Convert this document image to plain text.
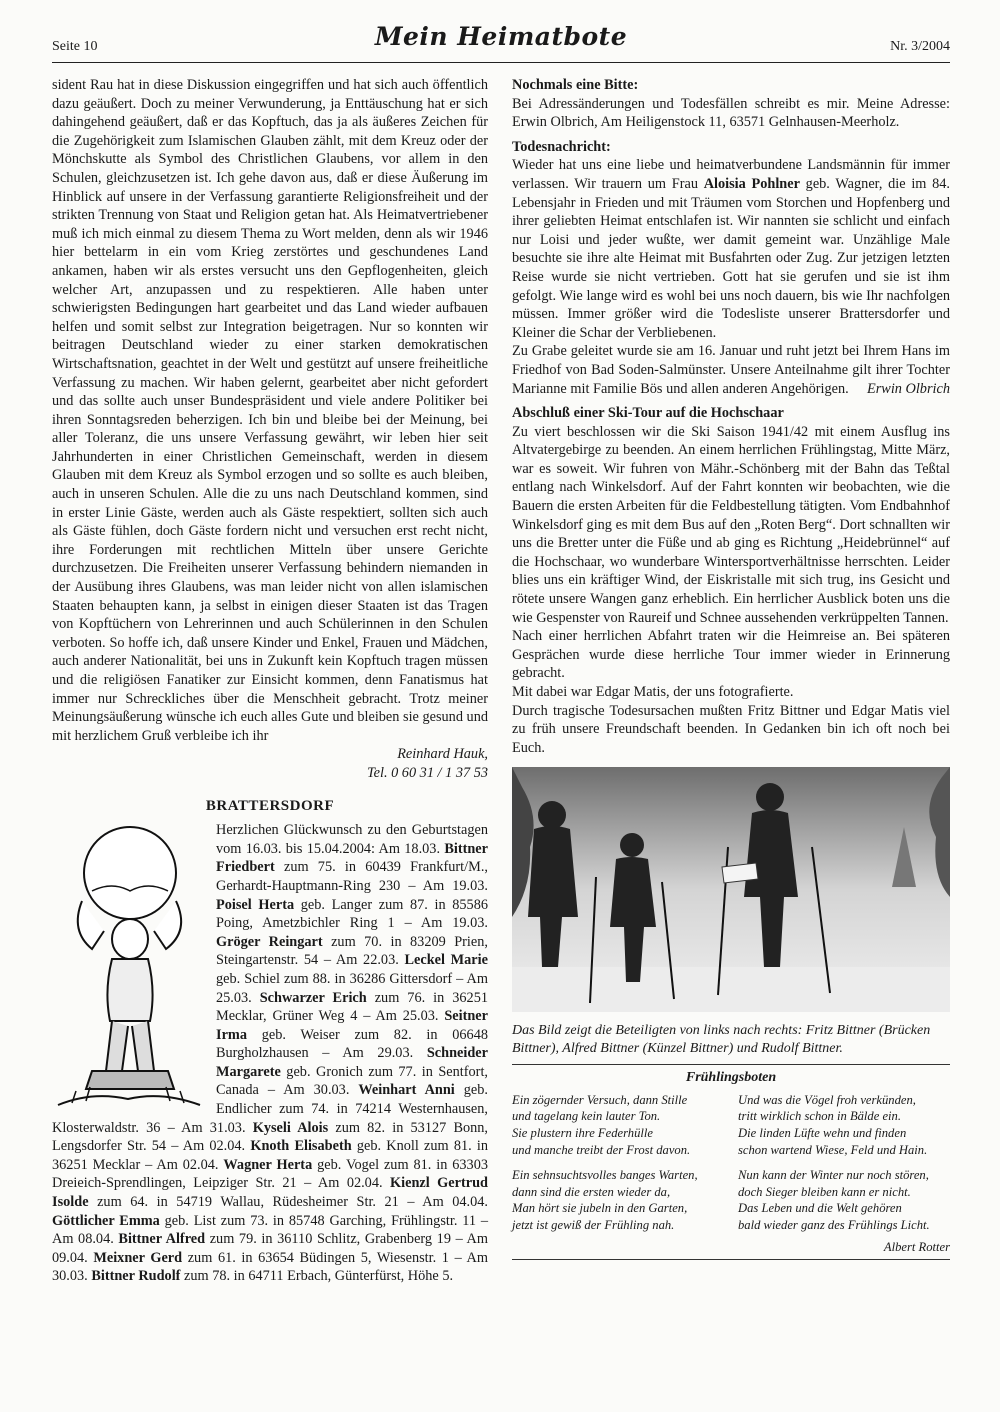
Seite 10	Mein Heimatbote	Nr. 3/2004

sident Rau hat in diese Diskussion eingegriffen und hat sich auch öffentlich dazu geäußert. Doch zu meiner Verwunderung, ja Enttäuschung hat er sich dahingehend geäußert, daß er das Kopftuch, das ja als äußeres Zeichen für die Zugehörigkeit zum Islamischen Glauben zählt, mit dem Kreuz oder der Mönchskutte als Symbol des Christlichen Glaubens, vor allem in den Schulen, gleichzusetzen ist. Ich gehe davon aus, daß er diese Äußerung im Hinblick auf unsere in der Verfassung garantierte Religionsfreiheit und der strikten Trennung von Staat und Religion getan hat. Als Heimatvertriebener muß ich mich einmal zu diesem Thema zu Wort melden, denn als wir 1946 hier bettelarm in ein vom Krieg zerstörtes und geschundenes Land ankamen, haben wir als erstes versucht uns den Gepflogenheiten, gleich welcher Art, anzupassen und zu respektieren. Alle haben unter schwierigsten Bedingungen hart gearbeitet und das Land wieder aufbauen helfen und somit selbst zur Integration beigetragen. Nur so konnten wir beitragen Deutschland wieder zu einer starken demokratischen Wirtschaftsnation, geachtet in der Welt und gestützt auf unsere freiheitliche Verfassung zu machen. Wir haben gelernt, gearbeitet aber nicht gefordert und das sollte auch unser Bundespräsident und viele andere Politiker bei ihren Sonntagsreden beherzigen. Ich bin und bleibe bei der Meinung, bei aller Toleranz, die uns unsere Verfassung gewährt, wir leben hier seit Jahrhunderten in einer Christlichen Gemeinschaft, werden in diesem Glauben mit dem Kreuz als Symbol erzogen und so sollte es auch bleiben, auch in unseren Schulen. Alle die zu uns nach Deutschland kommen, sind in erster Linie Gäste, werden auch als Gäste respektiert, sollten sich auch als Gäste fühlen, doch Gäste fordern nicht und versuchen erst recht nicht, ihre Forderungen mit rechtlichen Mitteln über unsere Gerichte durchzusetzen. Die Freiheiten unserer Verfassung behindern niemanden in der Ausübung ihres Glaubens, was man leider nicht von allen islamischen Staaten behaupten kann, ja selbst in einigen dieser Staaten ist das Tragen von Kopftüchern von Lehrerinnen und auch Schülerinnen in den Schulen verboten. So hoffe ich, daß unsere Kinder und Enkel, Frauen und Mädchen, auch anderer Nationalität, bei uns in Zukunft kein Kopftuch tragen müssen und die religiösen Fanatiker zur Einsicht kommen, denn Fanatismus hat immer nur Schreckliches über die Menschheit gebracht. Trotz meiner Meinungsäußerung wünsche ich euch alles Gute und bleiben sie gesund und mit herzlichem Gruß verbleibe ich ihr

Reinhard Hauk,
Tel. 0 60 31 / 1 37 53
BRATTERSDORF
Herzlichen Glückwunsch zu den Geburtstagen vom 16.03. bis 15.04.2004: Am 18.03. Bittner Friedbert zum 75. in 60439 Frankfurt/M., Gerhardt-Hauptmann-Ring 230 – Am 19.03. Poisel Herta geb. Langer zum 87. in 85586 Poing, Ametzbichler Ring 1 – Am 19.03. Gröger Reingart zum 70. in 83209 Prien, Steingartenstr. 54 – Am 22.03. Leckel Marie geb. Schiel zum 88. in 36286 Gittersdorf – Am 25.03. Schwarzer Erich zum 76. in 36251 Mecklar, Grüner Weg 4 – Am 25.03. Seitner Irma geb. Weiser zum 82. in 06648 Burgholzhausen – Am 29.03. Schneider Margarete geb. Gronich zum 77. in Sentfort, Canada – Am 30.03. Weinhart Anni geb. Endlicher zum 74. in 74214 Westernhausen, Klosterwaldstr. 36 – Am 31.03. Kyseli Alois zum 82. in 53127 Bonn, Lengsdorfer Str. 54 – Am 02.04. Knoth Elisabeth geb. Knoll zum 81. in 36251 Mecklar – Am 02.04. Wagner Herta geb. Vogel zum 81. in 63303 Dreieich-Sprendlingen, Leipziger Str. 21 – Am 02.04. Kienzl Gertrud Isolde zum 64. in 54719 Wallau, Rüdesheimer Str. 21 – Am 04.04. Göttlicher Emma geb. List zum 73. in 85748 Garching, Frühlingstr. 11 – Am 08.04. Bittner Alfred zum 79. in 36110 Schlitz, Grabenberg 19 – Am 09.04. Meixner Gerd zum 61. in 63654 Büdingen 5, Wiesenstr. 1 – Am 30.03. Bittner Rudolf zum 78. in 64711 Erbach, Günterfürst, Höhe 5.
Nochmals eine Bitte:

Bei Adressänderungen und Todesfällen schreibt es mir. Meine Adresse: Erwin Olbrich, Am Heiligenstock 11, 63571 Gelnhausen-Meerholz.

Todesnachricht:

Wieder hat uns eine liebe und heimatverbundene Landsmännin für immer verlassen. Wir trauern um Frau Aloisia Pohlner geb. Wagner, die im 84. Lebensjahr in Frieden und mit Träumen vom Storchen und Hopfenberg und ihrer geliebten Heimat entschlafen ist. Wir nannten sie schlicht und einfach nur Loisi und jeder wußte, wer damit gemeint war. Unzählige Male besuchte sie ihre alte Heimat mit Busfahrten oder Zug. Zur jetzigen letzten Reise wurde sie nicht vertrieben. Gott hat sie gerufen und sie ist ihm gefolgt. Wie lange wird es wohl bei uns noch dauern, bis wie Ihr nachfolgen müssen. Immer größer wird die Todesliste unserer Brattersdorfer und Kleiner die Schar der Verbliebenen.

Zu Grabe geleitet wurde sie am 16. Januar und ruht jetzt bei Ihrem Hans im Friedhof von Bad Soden-Salmünster. Unsere Anteilnahme gilt ihrer Tochter Marianne mit Familie Bös und allen anderen Angehörigen. Erwin Olbrich

Abschluß einer Ski-Tour auf die Hochschaar

Zu viert beschlossen wir die Ski Saison 1941/42 mit einem Ausflug ins Altvatergebirge zu beenden. An einem herrlichen Frühlingstag, Mitte März, war es soweit. Wir fuhren von Mähr.-Schönberg mit der Bahn das Teßtal entlang nach Winkelsdorf. Auf der Fahrt konnten wir beobachten, wie die Bauern die ersten Arbeiten für die Feldbestellung tätigten. Vom Endbahnhof Winkelsdorf ging es mit dem Bus auf den „Roten Berg“. Dort schnallten wir uns die Bretter unter die Füße und ab ging es Richtung „Heidebrünnel“ auf die Hochschaar, wo wunderbare Wintersportverhältnisse herrschten. Leider blies uns ein kräftiger Wind, der Eiskristalle mit sich trug, ins Gesicht und rötete unsere Wangen ganz erheblich. Ein herrlicher Ausblick boten uns die wie Gespenster von Raureif und Schnee aussehenden verkrüppelten Tannen.

Nach einer herrlichen Abfahrt traten wir die Heimreise an. Bei späteren Gesprächen wurde diese herrliche Tour immer wieder in Erinnerung gebracht.

Mit dabei war Edgar Matis, der uns fotografierte.

Durch tragische Todesursachen mußten Fritz Bittner und Edgar Matis viel zu früh unsere Freundschaft beenden. In Gedanken bin ich oft noch bei Euch.

Das Bild zeigt die Beteiligten von links nach rechts: Fritz Bittner (Brücken Bittner), Alfred Bittner (Künzel Bittner) und Rudolf Bittner.
Frühlingsboten
Ein zögernder Versuch, dann Stille
und tagelang kein lauter Ton.
Sie plustern ihre Federhülle
und manche treibt der Frost davon.
Und was die Vögel froh verkünden,
tritt wirklich schon in Bälde ein.
Die linden Lüfte wehn und finden
schon wartend Wiese, Feld und Hain.
Ein sehnsuchtsvolles banges Warten,
dann sind die ersten wieder da,
Man hört sie jubeln in den Garten,
jetzt ist gewiß der Frühling nah.
Nun kann der Winter nur noch stören,
doch Sieger bleiben kann er nicht.
Das Leben und die Welt gehören
bald wieder ganz des Frühlings Licht.
Albert Rotter
